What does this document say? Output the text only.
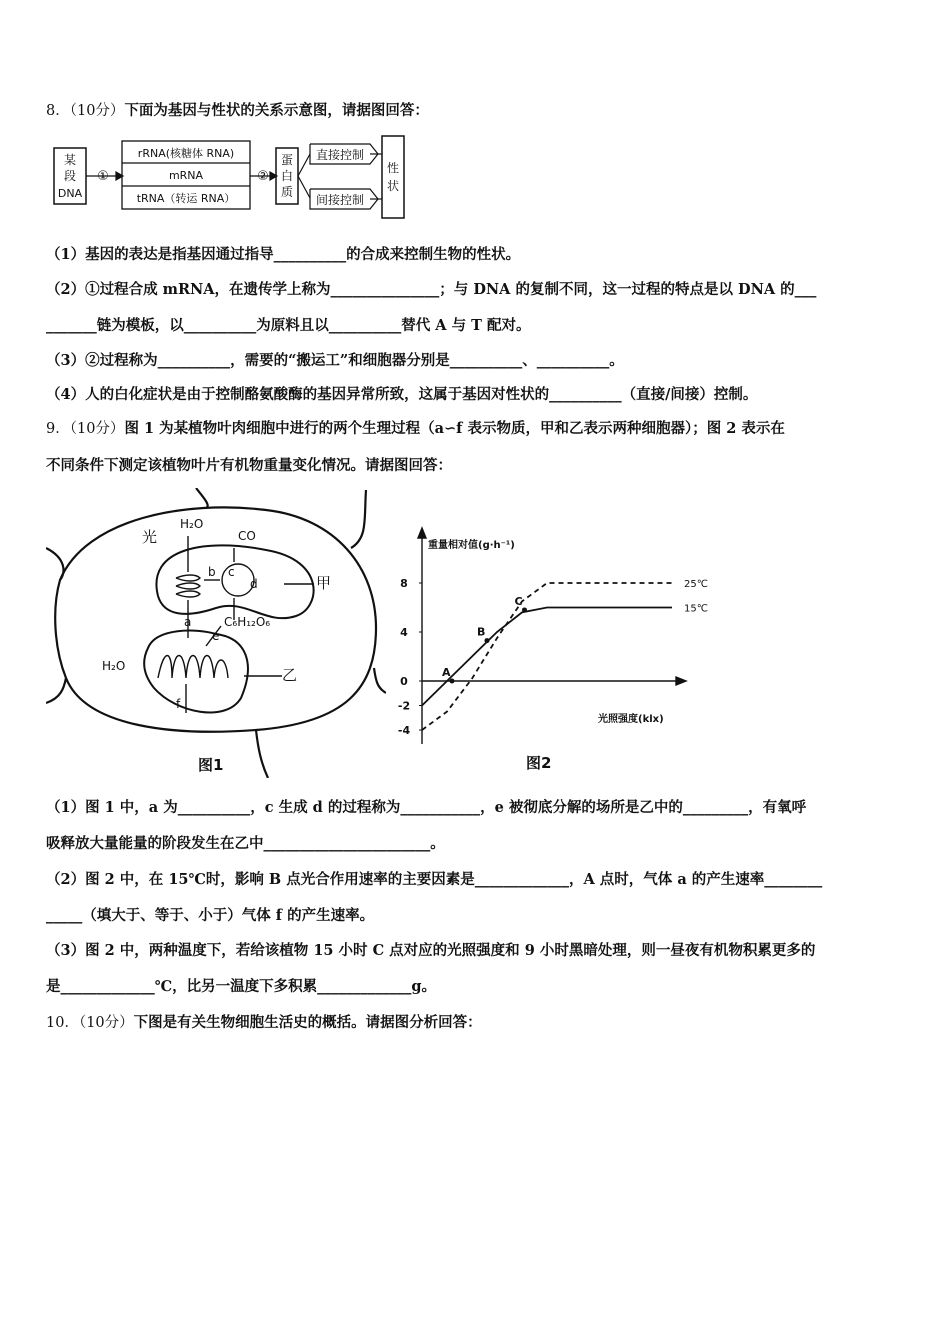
8．（10分）下面为基因与性状的关系示意图，请据图回答：
某
段
DNA
①
rRNA(核糖体 RNA)
mRNA
tRNA（转运 RNA）
②
蛋
白
质
直接控制
间接控制
性
状
（1）基因的表达是指基因通过指导__________的合成来控制生物的性状。
（2）①过程合成 mRNA，在遗传学上称为_______________；与 DNA 的复制不同，这一过程的特点是以 DNA 的___
_______链为模板，以__________为原料且以__________替代 A 与 T 配对。
（3）②过程称为__________，需要的“搬运工”和细胞器分别是__________、__________。
（4）人的白化症状是由于控制酪氨酸酶的基因异常所致，这属于基因对性状的__________（直接/间接）控制。
9．（10分）图 1 为某植物叶肉细胞中进行的两个生理过程（a∽f 表示物质，甲和乙表示两种细胞器）；图 2 表示在
不同条件下测定该植物叶片有机物重量变化情况。请据图回答：
光
H₂O
CO
b c
d	甲
a	C₆H₁₂O₆
e
H₂O	乙
f
图1
重量相对值(g·h⁻¹)
光照强度(klx)
8
4
0
-2
-4
25℃
15℃
A
B
C
图2
（1）图 1 中，a 为__________，c 生成 d 的过程称为___________，e 被彻底分解的场所是乙中的_________，有氧呼
吸释放大量能量的阶段发生在乙中_______________________。
（2）图 2 中，在 15℃时，影响 B 点光合作用速率的主要因素是_____________，A 点时，气体 a 的产生速率________
_____（填大于、等于、小于）气体 f 的产生速率。
（3）图 2 中，两种温度下，若给该植物 15 小时 C 点对应的光照强度和 9 小时黑暗处理，则一昼夜有机物积累更多的
是_____________℃，比另一温度下多积累_____________g。
10．（10分）下图是有关生物细胞生活史的概括。请据图分析回答：
